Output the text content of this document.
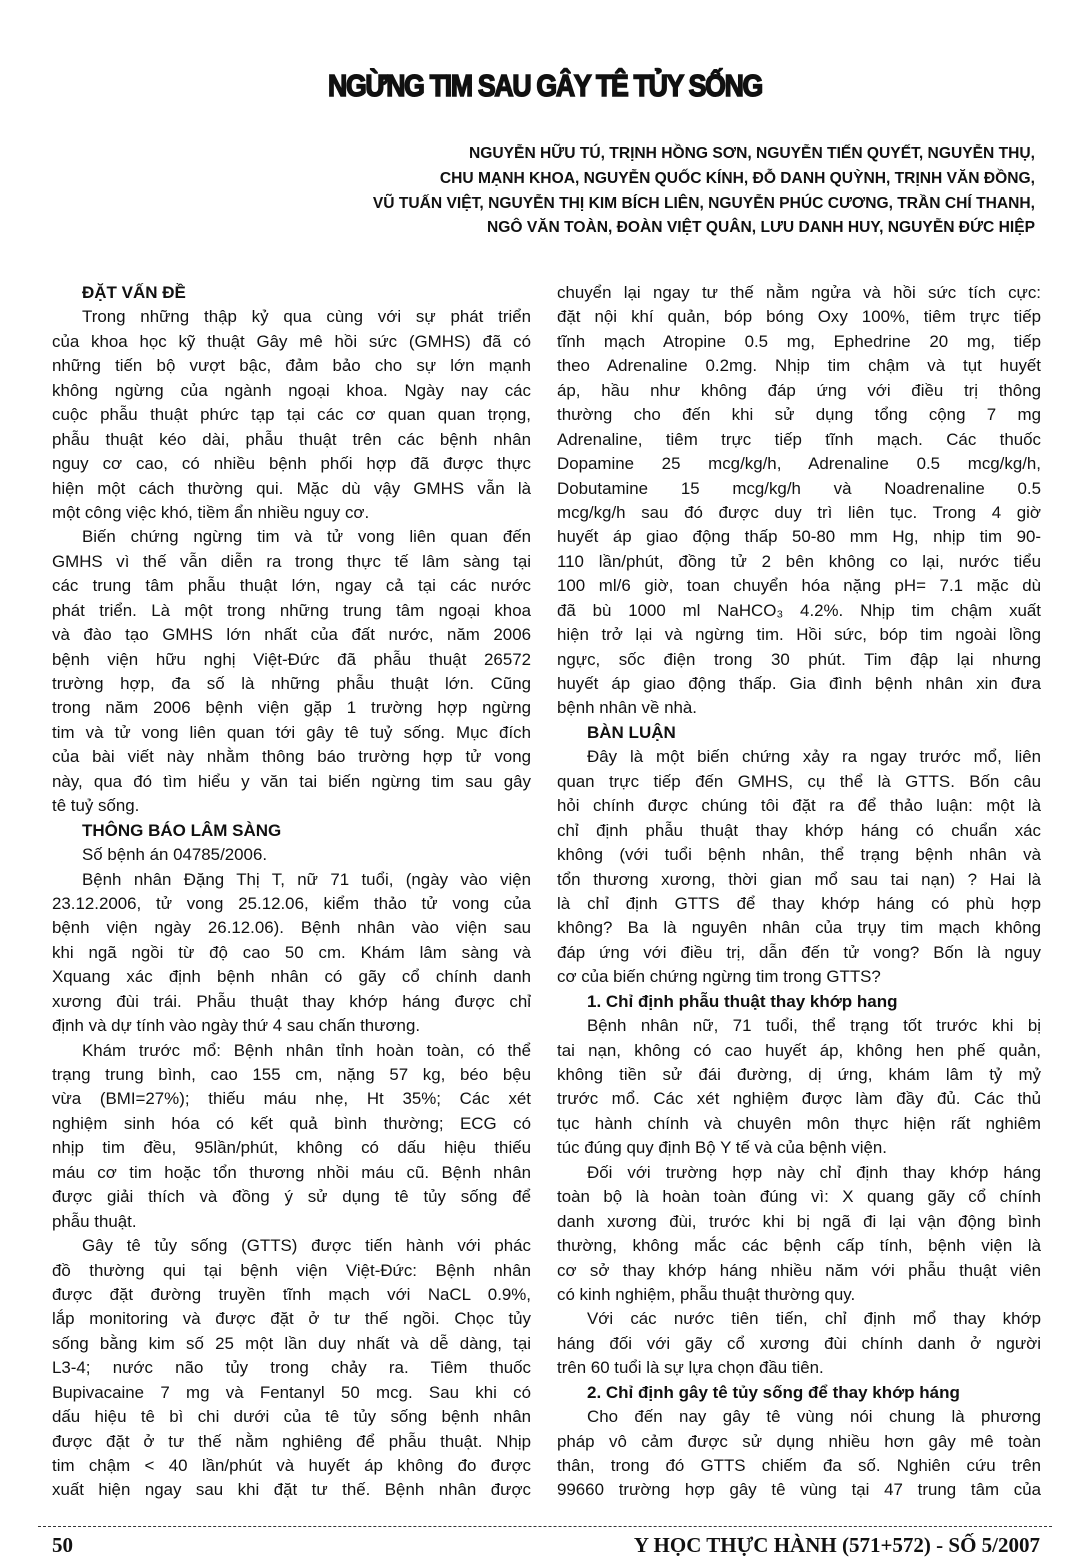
NGỪNG TIM SAU GÂY TÊ TỦY SỐNG
NGUYỄN HỮU TÚ, TRỊNH HỒNG SƠN, NGUYỄN TIẾN QUYẾT, NGUYỄN THỤ,
CHU MẠNH KHOA, NGUYỄN QUỐC KÍNH, ĐỖ DANH QUỲNH, TRỊNH VĂN ĐỒNG,
VŨ TUẤN VIỆT, NGUYỄN THỊ KIM BÍCH LIÊN, NGUYỄN PHÚC CƯƠNG, TRẦN CHÍ THANH,
NGÔ VĂN TOÀN, ĐOÀN VIỆT QUÂN, LƯU DANH HUY, NGUYỄN ĐỨC HIỆP
ĐẶT VẤN ĐỀ
Trong những thập kỷ qua cùng với sự phát triển
của khoa học kỹ thuật Gây mê hồi sức (GMHS) đã có
những tiến bộ vượt bậc, đảm bảo cho sự lớn mạnh
không ngừng của ngành ngoại khoa. Ngày nay các
cuộc phẫu thuật phức tạp tại các cơ quan quan trọng,
phẫu thuật kéo dài, phẫu thuật trên các bệnh nhân
nguy cơ cao, có nhiều bệnh phối hợp đã được thực
hiện một cách thường qui. Mặc dù vậy GMHS vẫn là
một công việc khó, tiềm ẩn nhiều nguy cơ.
Biến chứng ngừng tim và tử vong liên quan đến
GMHS vì thế vẫn diễn ra trong thực tế lâm sàng tại
các trung tâm phẫu thuật lớn, ngay cả tại các nước
phát triển. Là một trong những trung tâm ngoại khoa
và đào tạo GMHS lớn nhất của đất nước, năm 2006
bệnh viện hữu nghị Việt-Đức đã phẫu thuật 26572
trường hợp, đa số là những phẫu thuật lớn. Cũng
trong năm 2006 bệnh viện gặp 1 trường hợp ngừng
tim và tử vong liên quan tới gây tê tuỷ sống. Mục đích
của bài viết này nhằm thông báo trường hợp tử vong
này, qua đó tìm hiểu y văn tai biến ngừng tim sau gây
tê tuỷ sống.
THÔNG BÁO LÂM SÀNG
Số bệnh án 04785/2006.
Bệnh nhân Đặng Thị T, nữ 71 tuổi, (ngày vào viện
23.12.2006, tử vong 25.12.06, kiểm thảo tử vong của
bệnh viện ngày 26.12.06). Bệnh nhân vào viện sau
khi ngã ngồi từ độ cao 50 cm. Khám lâm sàng và
Xquang xác định bệnh nhân có gãy cổ chính danh
xương đùi trái. Phẫu thuật thay khớp háng được chỉ
định và dự tính vào ngày thứ 4 sau chấn thương.
Khám trước mổ: Bệnh nhân tỉnh hoàn toàn, có thể
trạng trung bình, cao 155 cm, nặng 57 kg, béo bệu
vừa (BMI=27%); thiếu máu nhẹ, Ht 35%; Các xét
nghiệm sinh hóa có kết quả bình thường; ECG có
nhịp tim đều, 95lần/phút, không có dấu hiệu thiếu
máu cơ tim hoặc tổn thương nhồi máu cũ. Bệnh nhân
được giải thích và đồng ý sử dụng tê tủy sống để
phẫu thuật.
Gây tê tủy sống (GTTS) được tiến hành với phác
đồ thường qui tại bệnh viện Việt-Đức: Bệnh nhân
được đặt đường truyền tĩnh mạch với NaCL 0.9%,
lắp monitoring và được đặt ở tư thế ngồi. Chọc tủy
sống bằng kim số 25 một lần duy nhất và dễ dàng, tại
L3-4; nước não tủy trong chảy ra. Tiêm thuốc
Bupivacaine 7 mg và Fentanyl 50 mcg. Sau khi có
dấu hiệu tê bì chi dưới của tê tủy sống bệnh nhân
được đặt ở tư thế nằm nghiêng để phẫu thuật. Nhịp
tim chậm < 40 lần/phút và huyết áp không đo được
xuất hiện ngay sau khi đặt tư thế. Bệnh nhân được
chuyển lại ngay tư thế nằm ngửa và hồi sức tích cực:
đặt nội khí quản, bóp bóng Oxy 100%, tiêm trực tiếp
tĩnh mạch Atropine 0.5 mg, Ephedrine 20 mg, tiếp
theo Adrenaline 0.2mg. Nhịp tim chậm và tụt huyết
áp, hầu như không đáp ứng với điều trị thông
thường cho đến khi sử dụng tổng cộng 7 mg
Adrenaline, tiêm trực tiếp tĩnh mạch. Các thuốc
Dopamine 25 mcg/kg/h, Adrenaline 0.5 mcg/kg/h,
Dobutamine 15 mcg/kg/h và Noadrenaline 0.5
mcg/kg/h sau đó được duy trì liên tục. Trong 4 giờ
huyết áp giao động thấp 50-80 mm Hg, nhịp tim 90-
110 lần/phút, đồng tử 2 bên không co lại, nước tiểu
100 ml/6 giờ, toan chuyển hóa nặng pH= 7.1 mặc dù
đã bù 1000 ml NaHCO₃ 4.2%. Nhịp tim chậm xuất
hiện trở lại và ngừng tim. Hồi sức, bóp tim ngoài lồng
ngực, sốc điện trong 30 phút. Tim đập lại nhưng
huyết áp giao động thấp. Gia đình bệnh nhân xin đưa
bệnh nhân về nhà.
BÀN LUẬN
Đây là một biến chứng xảy ra ngay trước mổ, liên
quan trực tiếp đến GMHS, cụ thể là GTTS. Bốn câu
hỏi chính được chúng tôi đặt ra để thảo luận: một là
chỉ định phẫu thuật thay khớp háng có chuẩn xác
không (với tuổi bệnh nhân, thể trạng bệnh nhân và
tổn thương xương, thời gian mổ sau tai nạn) ? Hai là
là chỉ định GTTS để thay khớp háng có phù hợp
không? Ba là nguyên nhân của trụy tim mạch không
đáp ứng với điều trị, dẫn đến tử vong? Bốn là nguy
cơ của biến chứng ngừng tim trong GTTS?
1. Chỉ định phẫu thuật thay khớp hang
Bệnh nhân nữ, 71 tuổi, thể trạng tốt trước khi bị
tai nạn, không có cao huyết áp, không hen phế quản,
không tiền sử đái đường, dị ứng, khám lâm tỷ mỷ
trước mổ. Các xét nghiệm được làm đầy đủ. Các thủ
tục hành chính và chuyên môn thực hiện rất nghiêm
túc đúng quy định Bộ Y tế và của bệnh viện.
Đối với trường hợp này chỉ định thay khớp háng
toàn bộ là hoàn toàn đúng vì: X quang gãy cổ chính
danh xương đùi, trước khi bị ngã đi lại vận động bình
thường, không mắc các bệnh cấp tính, bệnh viện là
cơ sở thay khớp háng nhiều năm với phẫu thuật viên
có kinh nghiệm, phẫu thuật thường quy.
Với các nước tiên tiến, chỉ định mổ thay khớp
háng đối với gãy cổ xương đùi chính danh ở người
trên 60 tuổi là sự lựa chọn đầu tiên.
2. Chỉ định gây tê tủy sống để thay khớp háng
Cho đến nay gây tê vùng nói chung là phương
pháp vô cảm được sử dụng nhiều hơn gây mê toàn
thân, trong đó GTTS chiếm đa số. Nghiên cứu trên
99660 trường hợp gây tê vùng tại 47 trung tâm của
50	Y HỌC THỰC HÀNH (571+572) - SỐ 5/2007
